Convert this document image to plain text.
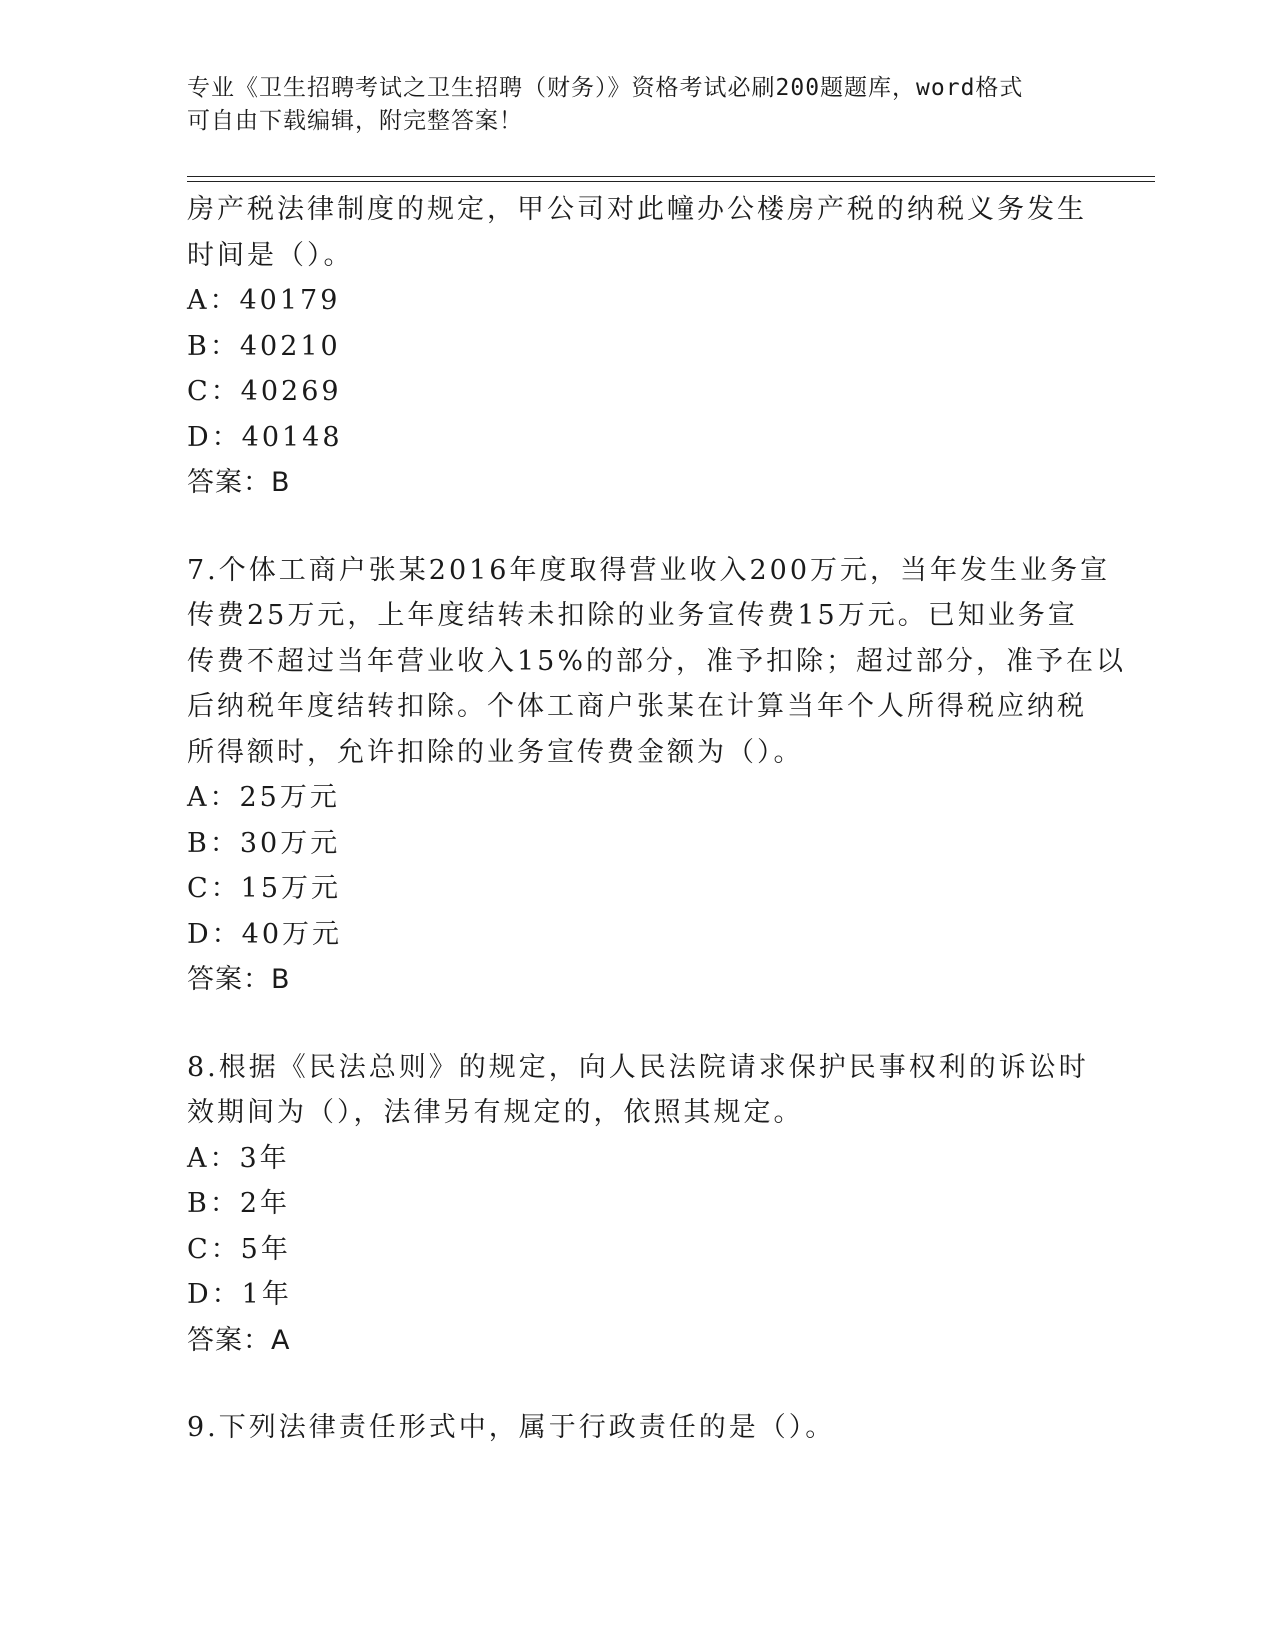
专业《卫生招聘考试之卫生招聘（财务）》资格考试必刷200题题库，word格式
可自由下载编辑，附完整答案！
房产税法律制度的规定，甲公司对此幢办公楼房产税的纳税义务发生
时间是（）。
A：40179
B：40210
C：40269
D：40148
答案：B
7.个体工商户张某2016年度取得营业收入200万元，当年发生业务宣
传费25万元，上年度结转未扣除的业务宣传费15万元。已知业务宣
传费不超过当年营业收入15%的部分，准予扣除；超过部分，准予在以
后纳税年度结转扣除。个体工商户张某在计算当年个人所得税应纳税
所得额时，允许扣除的业务宣传费金额为（）。
A：25万元
B：30万元
C：15万元
D：40万元
答案：B
8.根据《民法总则》的规定，向人民法院请求保护民事权利的诉讼时
效期间为（），法律另有规定的，依照其规定。
A：3年
B：2年
C：5年
D：1年
答案：A
9.下列法律责任形式中，属于行政责任的是（）。
